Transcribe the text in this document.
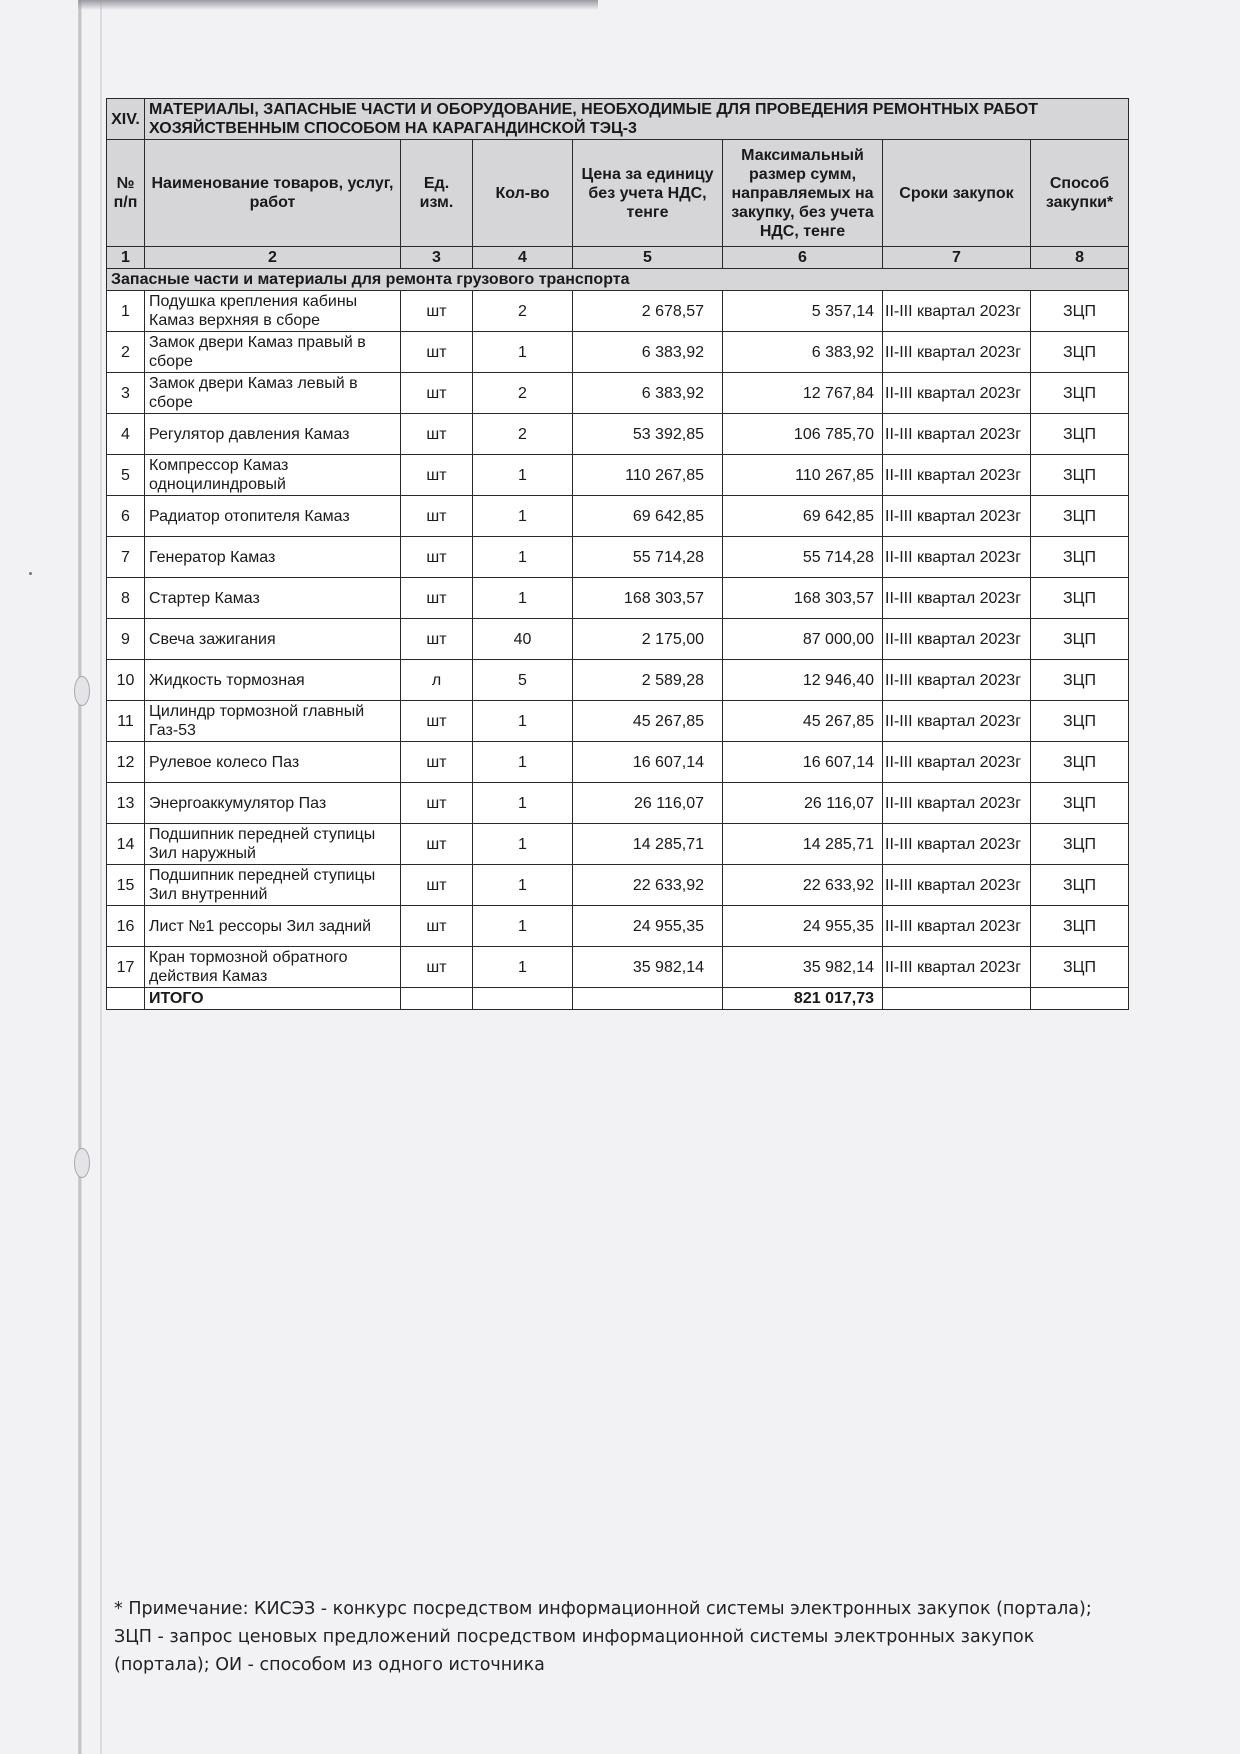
XIV.	МАТЕРИАЛЫ, ЗАПАСНЫЕ ЧАСТИ И ОБОРУДОВАНИЕ, НЕОБХОДИМЫЕ ДЛЯ ПРОВЕДЕНИЯ РЕМОНТНЫХ РАБОТ ХОЗЯЙСТВЕННЫМ СПОСОБОМ НА КАРАГАНДИНСКОЙ ТЭЦ-3						
№ п/п	Наименование товаров, услуг, работ	Ед. изм.	Кол-во	Цена за единицу без учета НДС, тенге	Максимальный размер сумм, направляемых на закупку, без учета НДС, тенге	Сроки закупок	Способ закупки*
1	2	3	4	5	6	7	8
Запасные части и материалы для ремонта грузового транспорта							
1	Подушка крепления кабины Камаз верхняя в сборе	шт	2	2 678,57	5 357,14	II-III квартал 2023г	ЗЦП
2	Замок двери Камаз правый в сборе	шт	1	6 383,92	6 383,92	II-III квартал 2023г	ЗЦП
3	Замок двери Камаз левый в сборе	шт	2	6 383,92	12 767,84	II-III квартал 2023г	ЗЦП
4	Регулятор давления Камаз	шт	2	53 392,85	106 785,70	II-III квартал 2023г	ЗЦП
5	Компрессор Камаз одноцилиндровый	шт	1	110 267,85	110 267,85	II-III квартал 2023г	ЗЦП
6	Радиатор отопителя Камаз	шт	1	69 642,85	69 642,85	II-III квартал 2023г	ЗЦП
7	Генератор Камаз	шт	1	55 714,28	55 714,28	II-III квартал 2023г	ЗЦП
8	Стартер Камаз	шт	1	168 303,57	168 303,57	II-III квартал 2023г	ЗЦП
9	Свеча зажигания	шт	40	2 175,00	87 000,00	II-III квартал 2023г	ЗЦП
10	Жидкость тормозная	л	5	2 589,28	12 946,40	II-III квартал 2023г	ЗЦП
11	Цилиндр тормозной главный Газ-53	шт	1	45 267,85	45 267,85	II-III квартал 2023г	ЗЦП
12	Рулевое колесо Паз	шт	1	16 607,14	16 607,14	II-III квартал 2023г	ЗЦП
13	Энергоаккумулятор Паз	шт	1	26 116,07	26 116,07	II-III квартал 2023г	ЗЦП
14	Подшипник передней ступицы Зил наружный	шт	1	14 285,71	14 285,71	II-III квартал 2023г	ЗЦП
15	Подшипник передней ступицы Зил внутренний	шт	1	22 633,92	22 633,92	II-III квартал 2023г	ЗЦП
16	Лист №1 рессоры Зил задний	шт	1	24 955,35	24 955,35	II-III квартал 2023г	ЗЦП
17	Кран тормозной обратного действия Камаз	шт	1	35 982,14	35 982,14	II-III квартал 2023г	ЗЦП
	ИТОГО				821 017,73		
* Примечание: КИСЭЗ - конкурс посредством информационной системы электронных закупок (портала); ЗЦП - запрос ценовых предложений посредством информационной системы электронных закупок (портала); ОИ - способом из одного источника
